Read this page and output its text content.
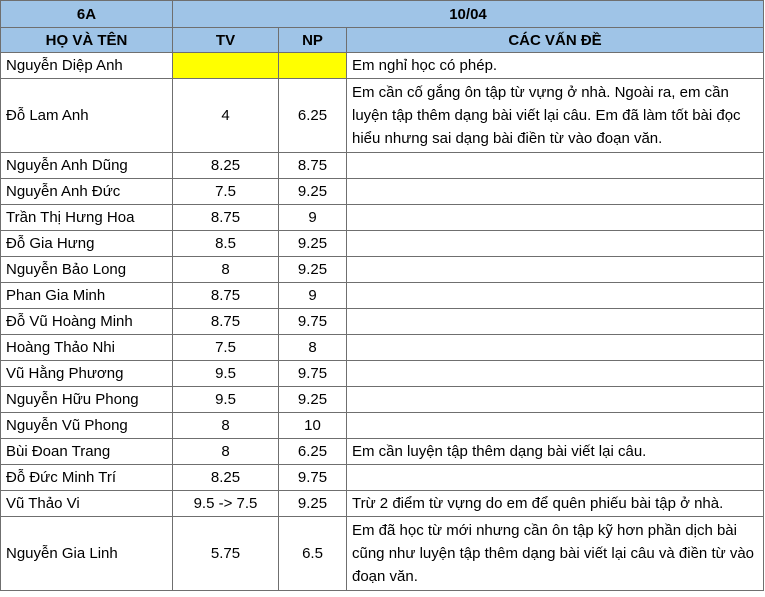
6A	10/04		
HỌ VÀ TÊN	TV	NP	CÁC VẤN ĐỀ
Nguyễn Diệp Anh			Em nghỉ học có phép.
Đỗ Lam Anh	4	6.25	Em cần cố gắng ôn tập từ vựng ở nhà. Ngoài ra, em cần luyện tập thêm dạng bài viết lại câu. Em đã làm tốt bài đọc hiểu nhưng sai dạng bài điền từ vào đoạn văn.
Nguyễn Anh Dũng	8.25	8.75	
Nguyễn Anh Đức	7.5	9.25	
Trần Thị Hưng Hoa	8.75	9	
Đỗ Gia Hưng	8.5	9.25	
Nguyễn Bảo Long	8	9.25	
Phan Gia Minh	8.75	9	
Đỗ Vũ Hoàng Minh	8.75	9.75	
Hoàng Thảo Nhi	7.5	8	
Vũ Hằng Phương	9.5	9.75	
Nguyễn Hữu Phong	9.5	9.25	
Nguyễn Vũ Phong	8	10	
Bùi Đoan Trang	8	6.25	Em cần luyện tập thêm dạng bài viết lại câu.
Đỗ Đức Minh Trí	8.25	9.75	
Vũ Thảo Vi	9.5 -> 7.5	9.25	Trừ 2 điểm từ vựng do em để quên phiếu bài tập ở nhà.
Nguyễn Gia Linh	5.75	6.5	Em đã học từ mới nhưng cần ôn tập kỹ hơn phần dịch bài cũng như luyện tập thêm dạng bài viết lại câu và điền từ vào đoạn văn.
